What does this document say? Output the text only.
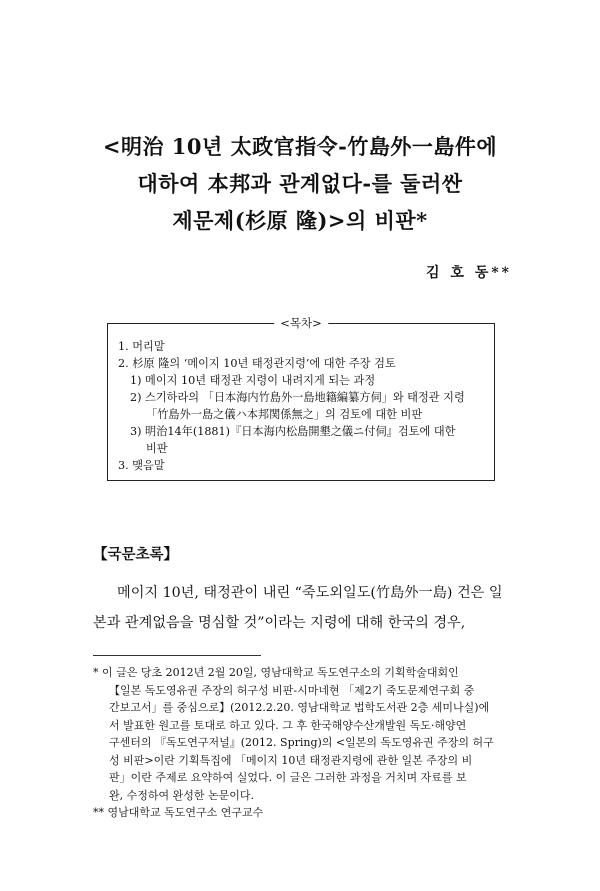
<明治 10년 太政官指令-竹島外一島件에
대하여 本邦과 관계없다-를 둘러싼
제문제(杉原 隆)>의 비판*
김 호 동**
<목차>
1. 머리말
2. 杉原 隆의 ‘메이지 10년 태정관지령’에 대한 주장 검토
1) 메이지 10년 태정관 지령이 내려지게 되는 과정
2) 스기하라의 「日本海内竹島外一島地籍編纂方伺」와 태정관 지령
「竹島外一島之儀ハ本邦関係無之」의 검토에 대한 비판
3) 明治14年(1881)『日本海内松島開墾之儀ニ付伺』검토에 대한
비판
3. 맺음말
【국문초록】
메이지 10년, 태정관이 내린 “죽도외일도(竹島外一島) 건은 일
본과 관계없음을 명심할 것”이라는 지령에 대해 한국의 경우,
* 이 글은 당초 2012년 2월 20일, 영남대학교 독도연구소의 기획학술대회인
【일본 독도영유권 주장의 허구성 비판-시마네현 「제2기 죽도문제연구회 중
간보고서」를 중심으로】(2012.2.20. 영남대학교 법학도서관 2층 세미나실)에
서 발표한 원고를 토대로 하고 있다. 그 후 한국해양수산개발원 독도·해양연
구센터의 『독도연구저널』(2012. Spring)의 <일본의 독도영유권 주장의 허구
성 비판>이란 기획특집에 「메이지 10년 태정관지령에 관한 일본 주장의 비
판」이란 주제로 요약하여 실었다. 이 글은 그러한 과정을 거치며 자료를 보
완, 수정하여 완성한 논문이다.
** 영남대학교 독도연구소 연구교수
